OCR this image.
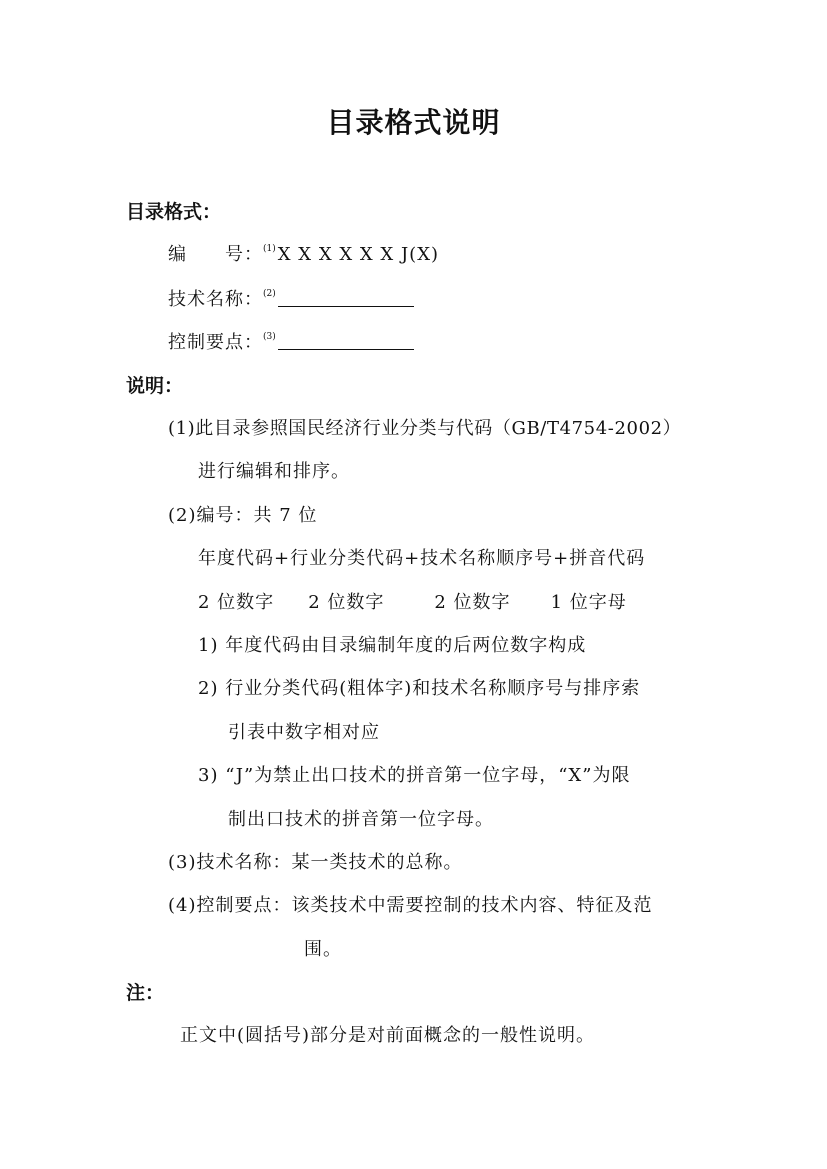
目录格式说明
目录格式：
编　　号：$^{(1)}$ X X X X X X J(X)
技术名称：$^{(2)}$
控制要点：$^{(3)}$
说明：
(1)此目录参照国民经济行业分类与代码（GB/T4754-2002）
进行编辑和排序。
(2)编号：共 7 位
年度代码+行业分类代码+技术名称顺序号+拼音代码
2 位数字 2 位数字	2 位数字 1 位字母
1) 年度代码由目录编制年度的后两位数字构成
2) 行业分类代码(粗体字)和技术名称顺序号与排序索
引表中数字相对应
3) “J”为禁止出口技术的拼音第一位字母，“X”为限
制出口技术的拼音第一位字母。
(3)技术名称：某一类技术的总称。
(4)控制要点：该类技术中需要控制的技术内容、特征及范
围。
注：
正文中(圆括号)部分是对前面概念的一般性说明。
